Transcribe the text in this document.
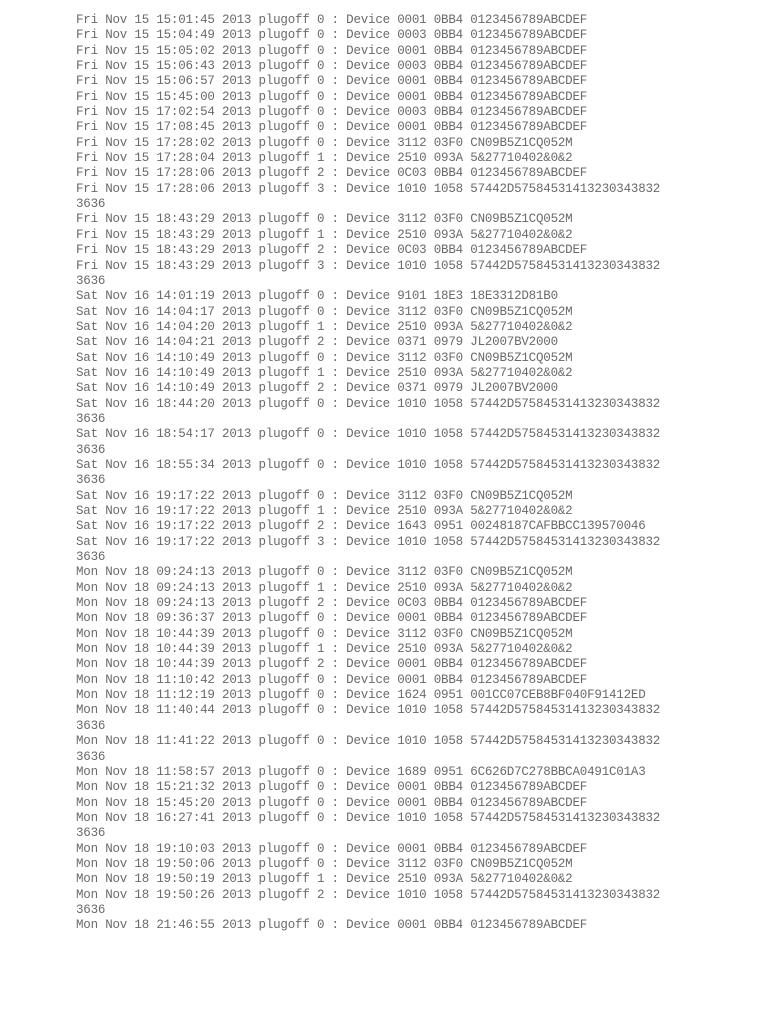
Fri Nov 15 15:01:45 2013 plugoff 0 : Device 0001 0BB4 0123456789ABCDEF
Fri Nov 15 15:04:49 2013 plugoff 0 : Device 0003 0BB4 0123456789ABCDEF
Fri Nov 15 15:05:02 2013 plugoff 0 : Device 0001 0BB4 0123456789ABCDEF
Fri Nov 15 15:06:43 2013 plugoff 0 : Device 0003 0BB4 0123456789ABCDEF
Fri Nov 15 15:06:57 2013 plugoff 0 : Device 0001 0BB4 0123456789ABCDEF
Fri Nov 15 15:45:00 2013 plugoff 0 : Device 0001 0BB4 0123456789ABCDEF
Fri Nov 15 17:02:54 2013 plugoff 0 : Device 0003 0BB4 0123456789ABCDEF
Fri Nov 15 17:08:45 2013 plugoff 0 : Device 0001 0BB4 0123456789ABCDEF
Fri Nov 15 17:28:02 2013 plugoff 0 : Device 3112 03F0 CN09B5Z1CQ052M
Fri Nov 15 17:28:04 2013 plugoff 1 : Device 2510 093A 5&27710402&0&2
Fri Nov 15 17:28:06 2013 plugoff 2 : Device 0C03 0BB4 0123456789ABCDEF
Fri Nov 15 17:28:06 2013 plugoff 3 : Device 1010 1058 57442D57584531413230343832
3636
Fri Nov 15 18:43:29 2013 plugoff 0 : Device 3112 03F0 CN09B5Z1CQ052M
Fri Nov 15 18:43:29 2013 plugoff 1 : Device 2510 093A 5&27710402&0&2
Fri Nov 15 18:43:29 2013 plugoff 2 : Device 0C03 0BB4 0123456789ABCDEF
Fri Nov 15 18:43:29 2013 plugoff 3 : Device 1010 1058 57442D57584531413230343832
3636
Sat Nov 16 14:01:19 2013 plugoff 0 : Device 9101 18E3 18E3312D81B0
Sat Nov 16 14:04:17 2013 plugoff 0 : Device 3112 03F0 CN09B5Z1CQ052M
Sat Nov 16 14:04:20 2013 plugoff 1 : Device 2510 093A 5&27710402&0&2
Sat Nov 16 14:04:21 2013 plugoff 2 : Device 0371 0979 JL2007BV2000
Sat Nov 16 14:10:49 2013 plugoff 0 : Device 3112 03F0 CN09B5Z1CQ052M
Sat Nov 16 14:10:49 2013 plugoff 1 : Device 2510 093A 5&27710402&0&2
Sat Nov 16 14:10:49 2013 plugoff 2 : Device 0371 0979 JL2007BV2000
Sat Nov 16 18:44:20 2013 plugoff 0 : Device 1010 1058 57442D57584531413230343832
3636
Sat Nov 16 18:54:17 2013 plugoff 0 : Device 1010 1058 57442D57584531413230343832
3636
Sat Nov 16 18:55:34 2013 plugoff 0 : Device 1010 1058 57442D57584531413230343832
3636
Sat Nov 16 19:17:22 2013 plugoff 0 : Device 3112 03F0 CN09B5Z1CQ052M
Sat Nov 16 19:17:22 2013 plugoff 1 : Device 2510 093A 5&27710402&0&2
Sat Nov 16 19:17:22 2013 plugoff 2 : Device 1643 0951 00248187CAFBBCC139570046
Sat Nov 16 19:17:22 2013 plugoff 3 : Device 1010 1058 57442D57584531413230343832
3636
Mon Nov 18 09:24:13 2013 plugoff 0 : Device 3112 03F0 CN09B5Z1CQ052M
Mon Nov 18 09:24:13 2013 plugoff 1 : Device 2510 093A 5&27710402&0&2
Mon Nov 18 09:24:13 2013 plugoff 2 : Device 0C03 0BB4 0123456789ABCDEF
Mon Nov 18 09:36:37 2013 plugoff 0 : Device 0001 0BB4 0123456789ABCDEF
Mon Nov 18 10:44:39 2013 plugoff 0 : Device 3112 03F0 CN09B5Z1CQ052M
Mon Nov 18 10:44:39 2013 plugoff 1 : Device 2510 093A 5&27710402&0&2
Mon Nov 18 10:44:39 2013 plugoff 2 : Device 0001 0BB4 0123456789ABCDEF
Mon Nov 18 11:10:42 2013 plugoff 0 : Device 0001 0BB4 0123456789ABCDEF
Mon Nov 18 11:12:19 2013 plugoff 0 : Device 1624 0951 001CC07CEB8BF040F91412ED
Mon Nov 18 11:40:44 2013 plugoff 0 : Device 1010 1058 57442D57584531413230343832
3636
Mon Nov 18 11:41:22 2013 plugoff 0 : Device 1010 1058 57442D57584531413230343832
3636
Mon Nov 18 11:58:57 2013 plugoff 0 : Device 1689 0951 6C626D7C278BBCA0491C01A3
Mon Nov 18 15:21:32 2013 plugoff 0 : Device 0001 0BB4 0123456789ABCDEF
Mon Nov 18 15:45:20 2013 plugoff 0 : Device 0001 0BB4 0123456789ABCDEF
Mon Nov 18 16:27:41 2013 plugoff 0 : Device 1010 1058 57442D57584531413230343832
3636
Mon Nov 18 19:10:03 2013 plugoff 0 : Device 0001 0BB4 0123456789ABCDEF
Mon Nov 18 19:50:06 2013 plugoff 0 : Device 3112 03F0 CN09B5Z1CQ052M
Mon Nov 18 19:50:19 2013 plugoff 1 : Device 2510 093A 5&27710402&0&2
Mon Nov 18 19:50:26 2013 plugoff 2 : Device 1010 1058 57442D57584531413230343832
3636
Mon Nov 18 21:46:55 2013 plugoff 0 : Device 0001 0BB4 0123456789ABCDEF
